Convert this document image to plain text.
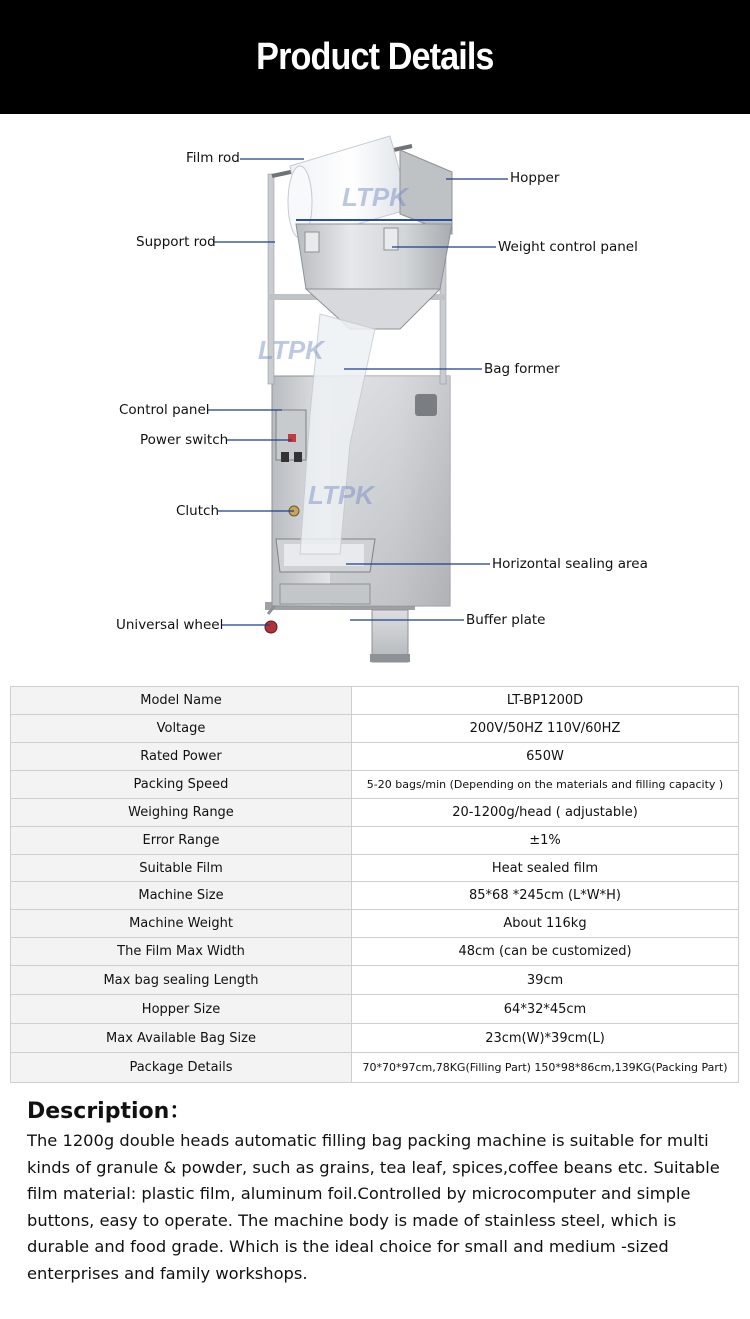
Product Details
LTPK
LTPK
LTPK
Film rod
Hopper
Support rod	Weight control panel
Bag former
Control panel
Power switch
Clutch
Horizontal sealing area
Universal wheel	Buffer plate
Model Name	LT-BP1200D
Voltage	200V/50HZ 110V/60HZ
Rated Power	650W
Packing Speed	5-20 bags/min (Depending on the materials and filling capacity )
Weighing Range	20-1200g/head ( adjustable)
Error Range	±1%
Suitable Film	Heat sealed film
Machine Size	85*68 *245cm (L*W*H)
Machine Weight	About 116kg
The Film Max Width	48cm (can be customized)
Max bag sealing Length	39cm
Hopper Size	64*32*45cm
Max Available Bag Size	23cm(W)*39cm(L)
Package Details	70*70*97cm,78KG(Filling Part) 150*98*86cm,139KG(Packing Part)
Description：

The 1200g double heads automatic filling bag packing machine is suitable for multi kinds of granule & powder, such as grains, tea leaf, spices,coffee beans etc. Suitable film material: plastic film, aluminum foil.Controlled by microcomputer and simple buttons, easy to operate. The machine body is made of stainless steel, which is durable and food grade. Which is the ideal choice for small and medium -sized enterprises and family workshops.
